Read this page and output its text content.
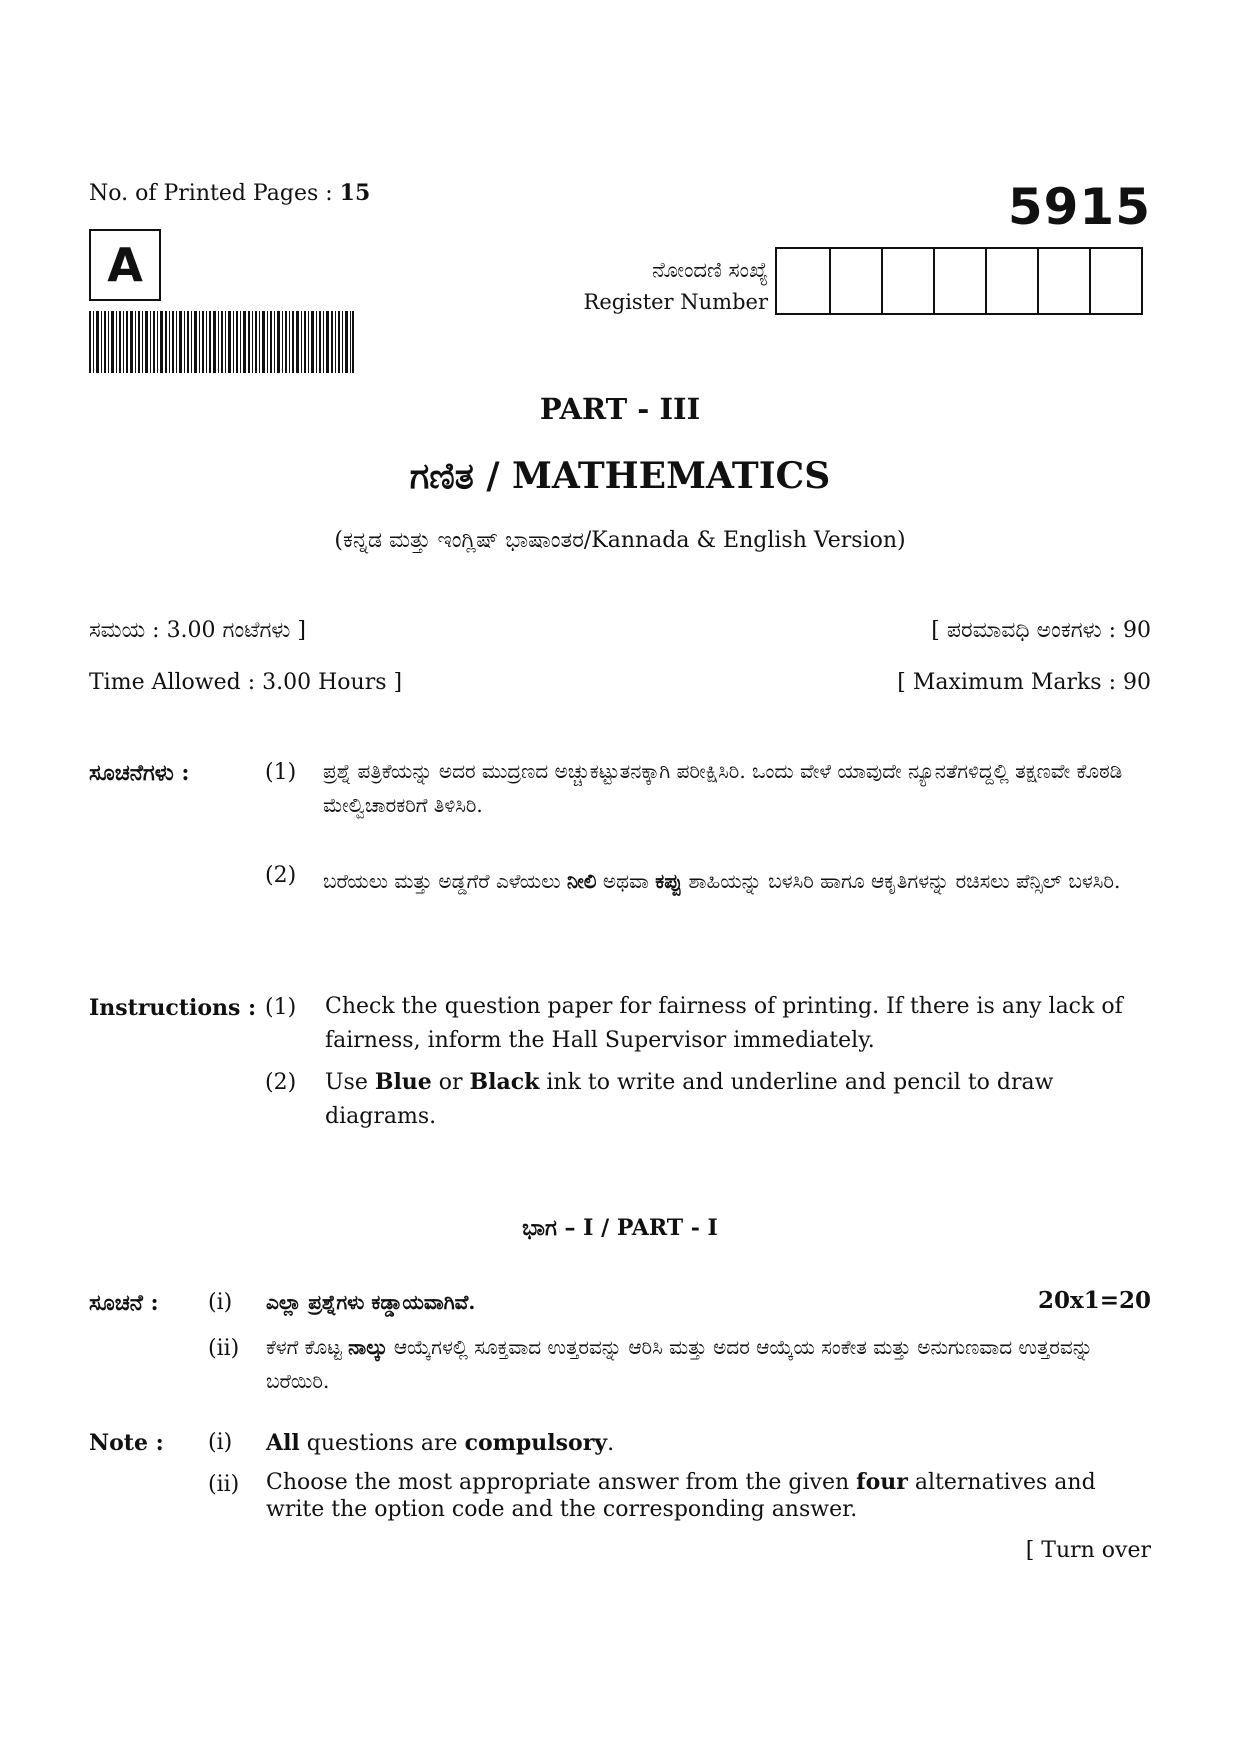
No. of Printed Pages : 15	5915
A	ನೋಂದಣಿ ಸಂಖ್ಯೆ
Register Number
PART - III
ಗಣಿತ / MATHEMATICS
(ಕನ್ನಡ ಮತ್ತು ಇಂಗ್ಲಿಷ್ ಭಾಷಾಂತರ/Kannada & English Version)
ಸಮಯ : 3.00 ಗಂಟೆಗಳು ]	[ ಪರಮಾವಧಿ ಅಂಕಗಳು : 90
Time Allowed : 3.00 Hours ]	[ Maximum Marks : 90
ಸೂಚನೆಗಳು :	(1)	ಪ್ರಶ್ನೆ ಪತ್ರಿಕೆಯನ್ನು ಅದರ ಮುದ್ರಣದ ಅಚ್ಚುಕಟ್ಟುತನಕ್ಕಾಗಿ ಪರೀಕ್ಷಿಸಿರಿ. ಒಂದು ವೇಳೆ ಯಾವುದೇ ನ್ಯೂನತೆಗಳಿದ್ದಲ್ಲಿ ತಕ್ಷಣವೇ ಕೊಠಡಿ ಮೇಲ್ವಿಚಾರಕರಿಗೆ ತಿಳಿಸಿರಿ.
(2)	ಬರೆಯಲು ಮತ್ತು ಅಡ್ಡಗೆರೆ ಎಳೆಯಲು ನೀಲಿ ಅಥವಾ ಕಪ್ಪು ಶಾಹಿಯನ್ನು ಬಳಸಿರಿ ಹಾಗೂ ಆಕೃತಿಗಳನ್ನು ರಚಿಸಲು ಪೆನ್ಸಿಲ್ ಬಳಸಿರಿ.
Instructions : (1)	Check the question paper for fairness of printing. If there is any lack of fairness, inform the Hall Supervisor immediately.
(2)	Use Blue or Black ink to write and underline and pencil to draw diagrams.
ಭಾಗ – I / PART - I
20x1=20
ಸೂಚನೆ : (i)	ಎಲ್ಲಾ ಪ್ರಶ್ನೆಗಳು ಕಡ್ಡಾಯವಾಗಿವೆ.
(ii)	ಕೆಳಗೆ ಕೊಟ್ಟ ನಾಲ್ಕು ಆಯ್ಕೆಗಳಲ್ಲಿ ಸೂಕ್ತವಾದ ಉತ್ತರವನ್ನು ಆರಿಸಿ ಮತ್ತು ಅದರ ಆಯ್ಕೆಯ ಸಂಕೇತ ಮತ್ತು ಅನುಗುಣವಾದ ಉತ್ತರವನ್ನು ಬರೆಯಿರಿ.
Note : (i)	All questions are compulsory.
(ii)	Choose the most appropriate answer from the given four alternatives and write the option code and the corresponding answer.
[ Turn over
